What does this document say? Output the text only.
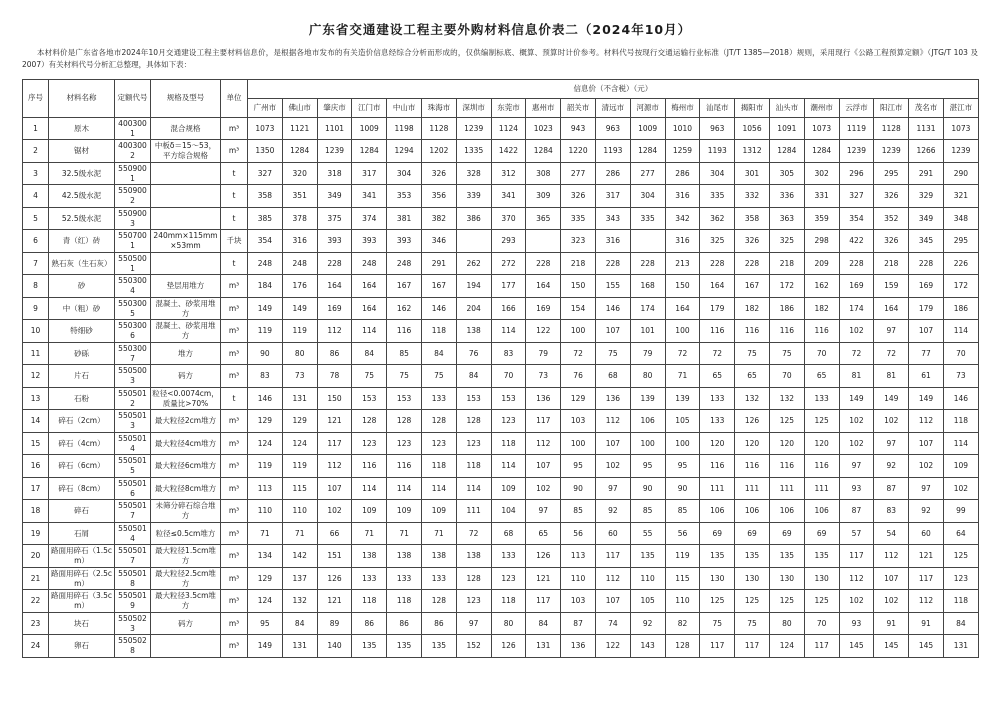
广东省交通建设工程主要外购材料信息价表二（2024年10月）
本材料价是广东省各地市2024年10月交通建设工程主要材料信息价，是根据各地市发布的有关造价信息经综合分析而形成的，仅供编制标底、概算、预算时计价参考。材料代号按现行交通运输行业标准（JT/T 1385—2018）规则，采用现行《公路工程预算定额》（JTG/T 103 及 2007）有关材料代号分析汇总整理，具体如下表：
序号	材料名称	定额代号	规格及型号	单位	信息价（不含税）（元）																				
					广州市	佛山市	肇庆市	江门市	中山市	珠海市	深圳市	东莞市	惠州市	韶关市	清远市	河源市	梅州市	汕尾市	揭阳市	汕头市	潮州市	云浮市	阳江市	茂名市	湛江市
1	原木	4003001	混合规格	m³	1073	1121	1101	1009	1198	1128	1239	1124	1023	943	963	1009	1010	963	1056	1091	1073	1119	1128	1131	1073
2	锯材	4003002	中板δ＝15～53，平方综合规格	m³	1350	1284	1239	1284	1294	1202	1335	1422	1284	1220	1193	1284	1259	1193	1312	1284	1284	1239	1239	1266	1239
3	32.5级水泥	5509001		t	327	320	318	317	304	326	328	312	308	277	286	277	286	304	301	305	302	296	295	291	290
4	42.5级水泥	5509002		t	358	351	349	341	353	356	339	341	309	326	317	304	316	335	332	336	331	327	326	329	321
5	52.5级水泥	5509003		t	385	378	375	374	381	382	386	370	365	335	343	335	342	362	358	363	359	354	352	349	348
6	青（红）砖	5507001	240mm×115mm×53mm	千块	354	316	393	393	393	346		293		323	316		316	325	326	325	298	422	326	345	295
7	熟石灰（生石灰）	5505001		t	248	248	228	248	248	291	262	272	228	218	228	228	213	228	228	218	209	228	218	228	226
8	砂	5503004	垫层用堆方	m³	184	176	164	164	167	167	194	177	164	150	155	168	150	164	167	172	162	169	159	169	172
9	中（粗）砂	5503005	混凝土、砂浆用堆方	m³	149	149	169	164	162	146	204	166	169	154	146	174	164	179	182	186	182	174	164	179	186
10	特细砂	5503006	混凝土、砂浆用堆方	m³	119	119	112	114	116	118	138	114	122	100	107	101	100	116	116	116	116	102	97	107	114
11	砂砾	5503007	堆方	m³	90	80	86	84	85	84	76	83	79	72	75	79	72	72	75	75	70	72	72	77	70
12	片石	5505003	码方	m³	83	73	78	75	75	75	84	70	73	76	68	80	71	65	65	70	65	81	81	61	73
13	石粉	5505012	粒径<0.0074cm，质量比>70%	t	146	131	150	153	153	133	153	153	136	129	136	139	139	133	132	132	133	149	149	149	146
14	碎石（2cm）	5505013	最大粒径2cm堆方	m³	129	129	121	128	128	128	128	123	117	103	112	106	105	133	126	125	125	102	102	112	118
15	碎石（4cm）	5505014	最大粒径4cm堆方	m³	124	124	117	123	123	123	123	118	112	100	107	100	100	120	120	120	120	102	97	107	114
16	碎石（6cm）	5505015	最大粒径6cm堆方	m³	119	119	112	116	116	118	118	114	107	95	102	95	95	116	116	116	116	97	92	102	109
17	碎石（8cm）	5505016	最大粒径8cm堆方	m³	113	115	107	114	114	114	114	109	102	90	97	90	90	111	111	111	111	93	87	97	102
18	碎石	5505017	未筛分碎石综合堆方	m³	110	110	102	109	109	109	111	104	97	85	92	85	85	106	106	106	106	87	83	92	99
19	石屑	5505014	粒径≤0.5cm堆方	m³	71	71	66	71	71	71	72	68	65	56	60	55	56	69	69	69	69	57	54	60	64
20	路面用碎石（1.5cm）	5505017	最大粒径1.5cm堆方	m³	134	142	151	138	138	138	138	133	126	113	117	135	119	135	135	135	135	117	112	121	125
21	路面用碎石（2.5cm）	5505018	最大粒径2.5cm堆方	m³	129	137	126	133	133	133	128	123	121	110	112	110	115	130	130	130	130	112	107	117	123
22	路面用碎石（3.5cm）	5505019	最大粒径3.5cm堆方	m³	124	132	121	118	118	128	123	118	117	103	107	105	110	125	125	125	125	102	102	112	118
23	块石	5505023	码方	m³	95	84	89	86	86	86	97	80	84	87	74	92	82	75	75	80	70	93	91	91	84
24	卵石	5505028		m³	149	131	140	135	135	135	152	126	131	136	122	143	128	117	117	124	117	145	145	145	131
